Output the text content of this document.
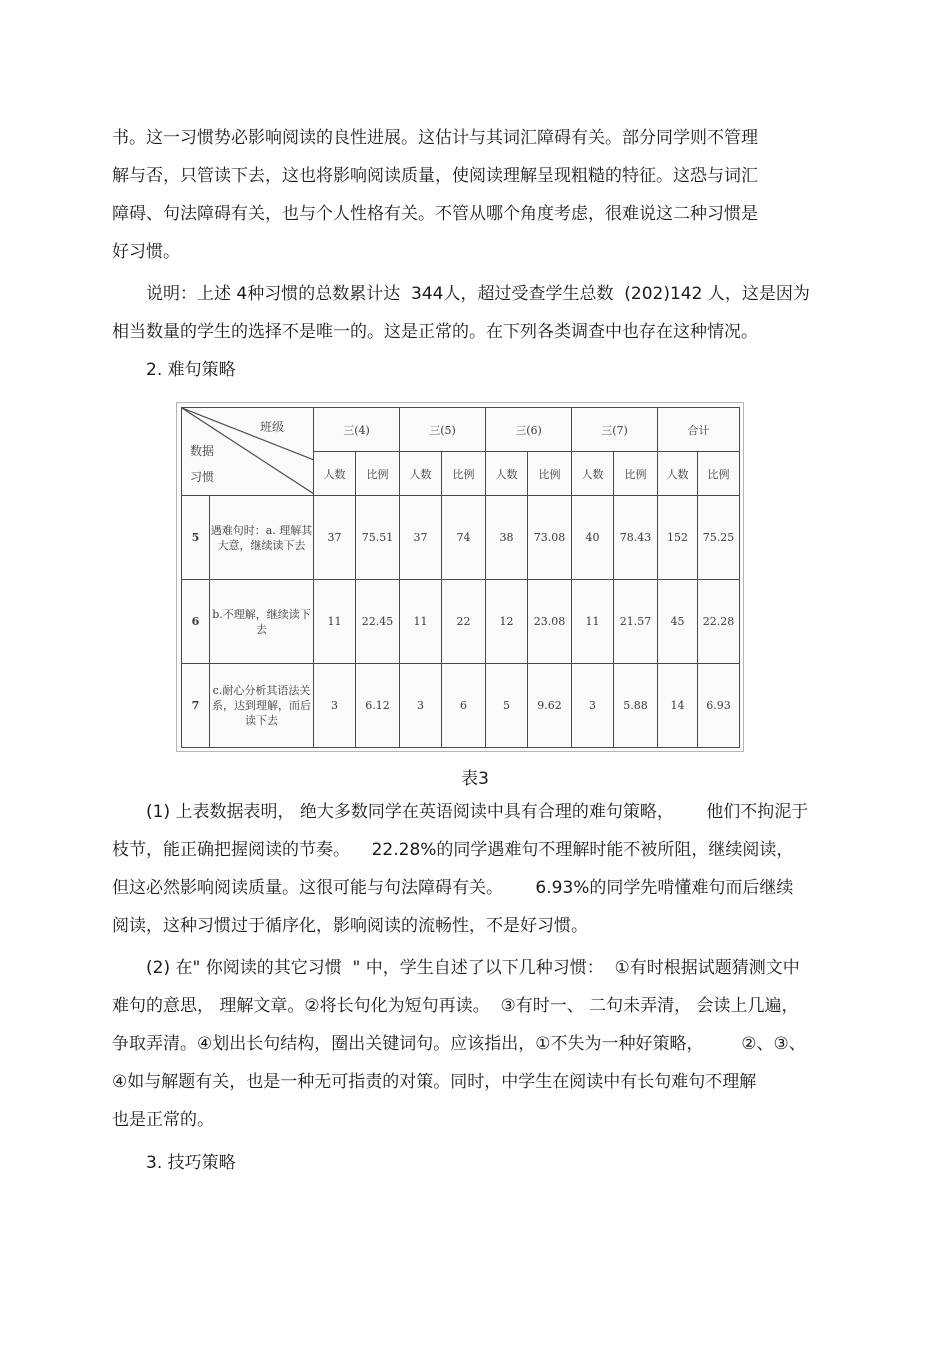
书。这一习惯势必影响阅读的良性进展。这估计与其词汇障碍有关。部分同学则不管理
解与否，只管读下去，这也将影响阅读质量，使阅读理解呈现粗糙的特征。这恐与词汇
障碍、句法障碍有关，也与个人性格有关。不管从哪个角度考虑，很难说这二种习惯是
好习惯。
说明：上述 4种习惯的总数累计达  344人，超过受查学生总数  (202)142 人，这是因为
相当数量的学生的选择不是唯一的。这是正常的。在下列各类调查中也存在这种情况。
2. 难句策略
班级
数据
习惯		三(4)		三(5)		三(6)		三(7)		合计	
		人数	比例	人数	比例	人数	比例	人数	比例	人数	比例
5	遇难句时：a. 理解其大意，继续读下去	37	75.51	37	74	38	73.08	40	78.43	152	75.25
6	b.不理解，继续读下去	11	22.45	11	22	12	23.08	11	21.57	45	22.28
7	c.耐心分析其语法关系，达到理解，而后读下去	3	6.12	3	6	5	9.62	3	5.88	14	6.93
表3
(1) 上表数据表明， 绝大多数同学在英语阅读中具有合理的难句策略，      他们不拘泥于
枝节，能正确把握阅读的节奏。    22.28%的同学遇难句不理解时能不被所阻，继续阅读，
但这必然影响阅读质量。这很可能与句法障碍有关。      6.93%的同学先啃懂难句而后继续
阅读，这种习惯过于循序化，影响阅读的流畅性，不是好习惯。
(2) 在" 你阅读的其它习惯  " 中，学生自述了以下几种习惯：  ①有时根据试题猜测文中
难句的意思， 理解文章。②将长句化为短句再读。  ③有时一、 二句未弄清， 会读上几遍，
争取弄清。④划出长句结构，圈出关键词句。应该指出，①不失为一种好策略，       ②、③、
④如与解题有关，也是一种无可指责的对策。同时，中学生在阅读中有长句难句不理解
也是正常的。
3. 技巧策略
